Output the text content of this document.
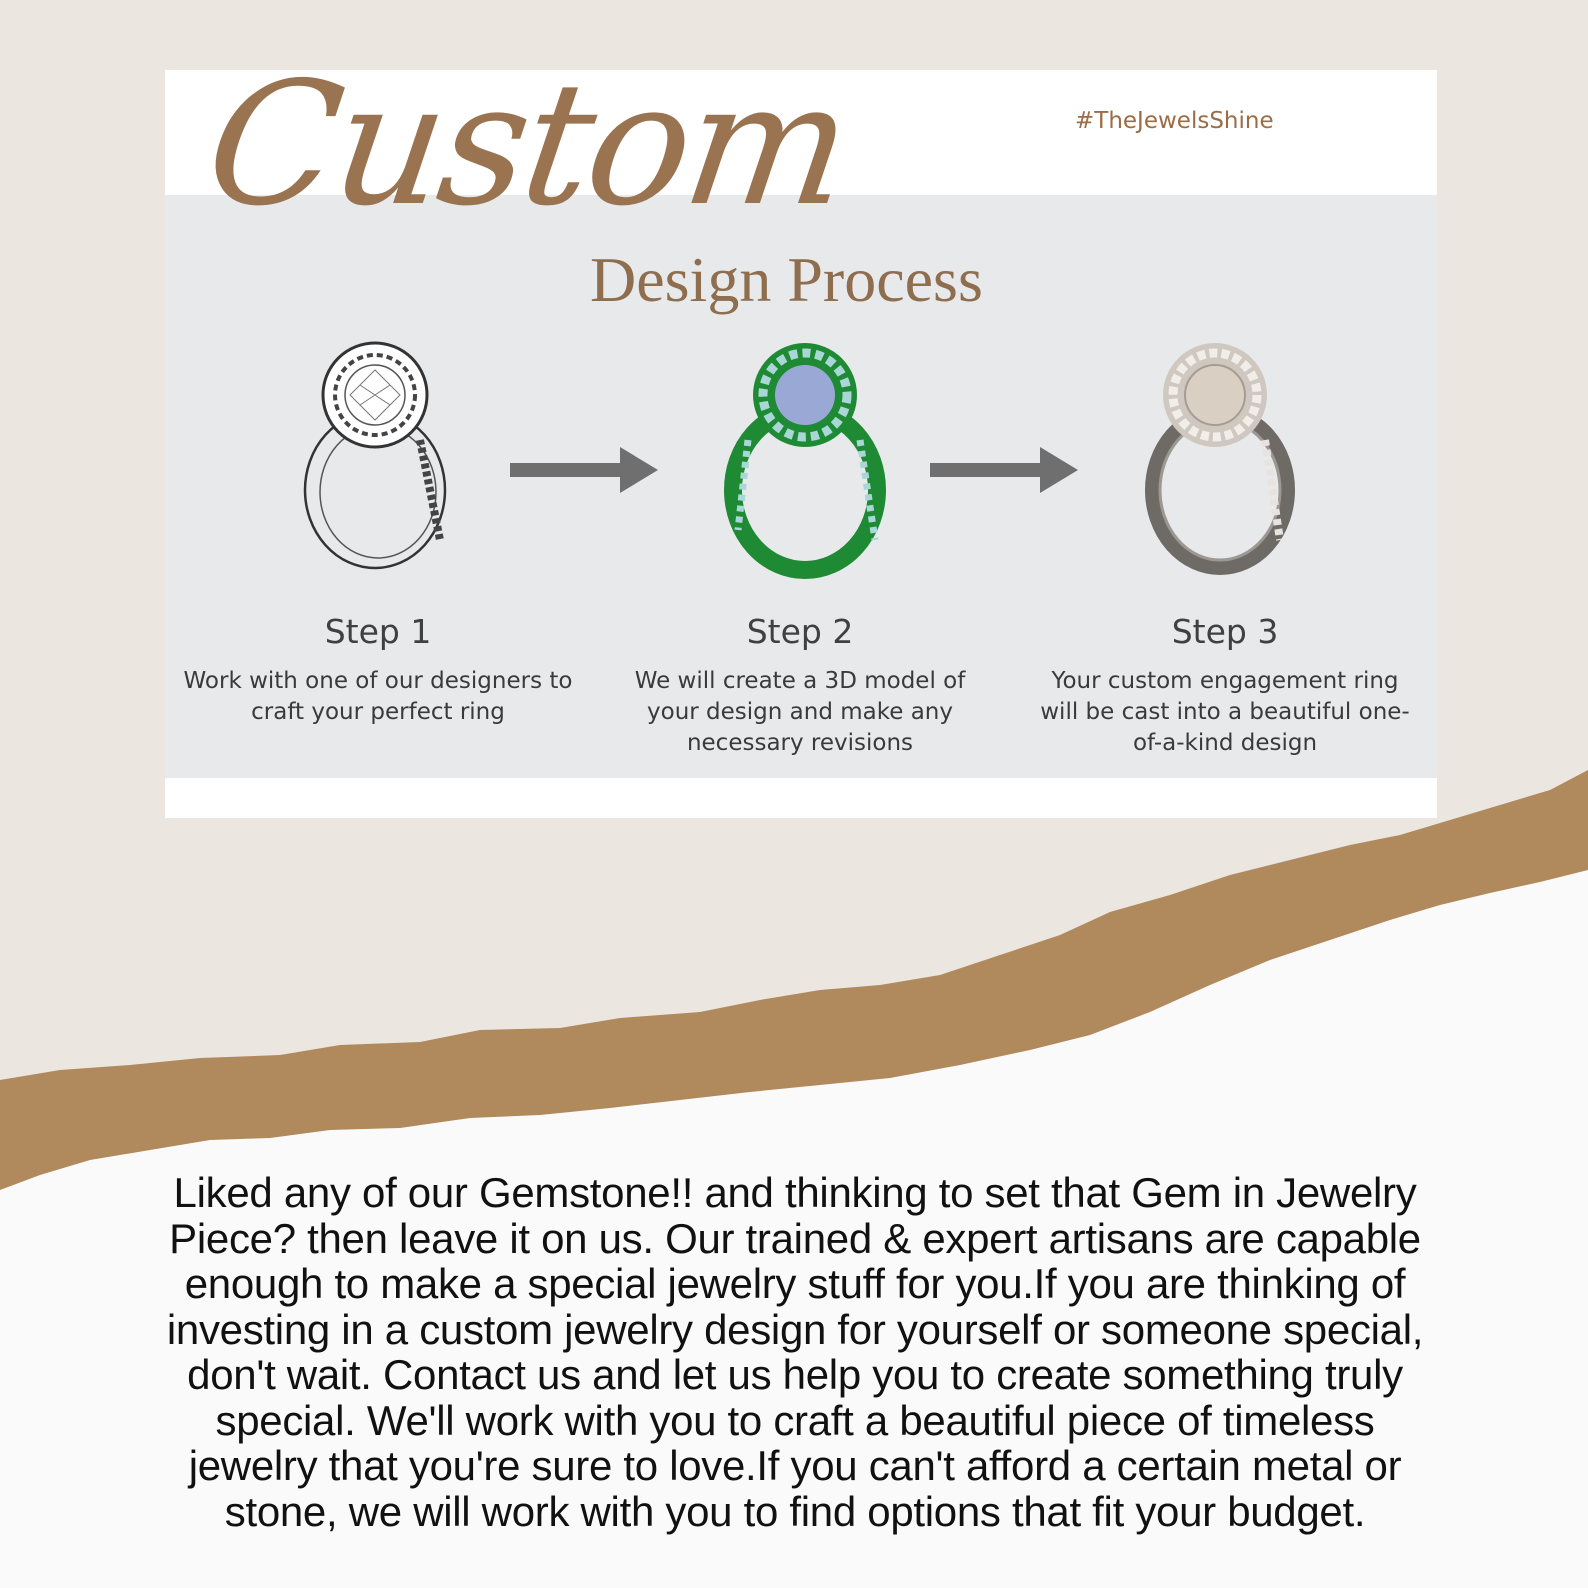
#TheJewelsShine
Custom
Design Process
Step 1
Work with one of our designers to craft your perfect ring
Step 2
We will create a 3D model of your design and make any necessary revisions
Step 3
Your custom engagement ring will be cast into a beautiful one-of-a-kind design
Liked any of our Gemstone!! and thinking to set that Gem in Jewelry Piece? then leave it on us. Our trained & expert artisans are capable enough to make a special jewelry stuff for you.If you are thinking of investing in a custom jewelry design for yourself or someone special, don't wait. Contact us and let us help you to create something truly special. We'll work with you to craft a beautiful piece of timeless jewelry that you're sure to love.If you can't afford a certain metal or stone, we will work with you to find options that fit your budget.
